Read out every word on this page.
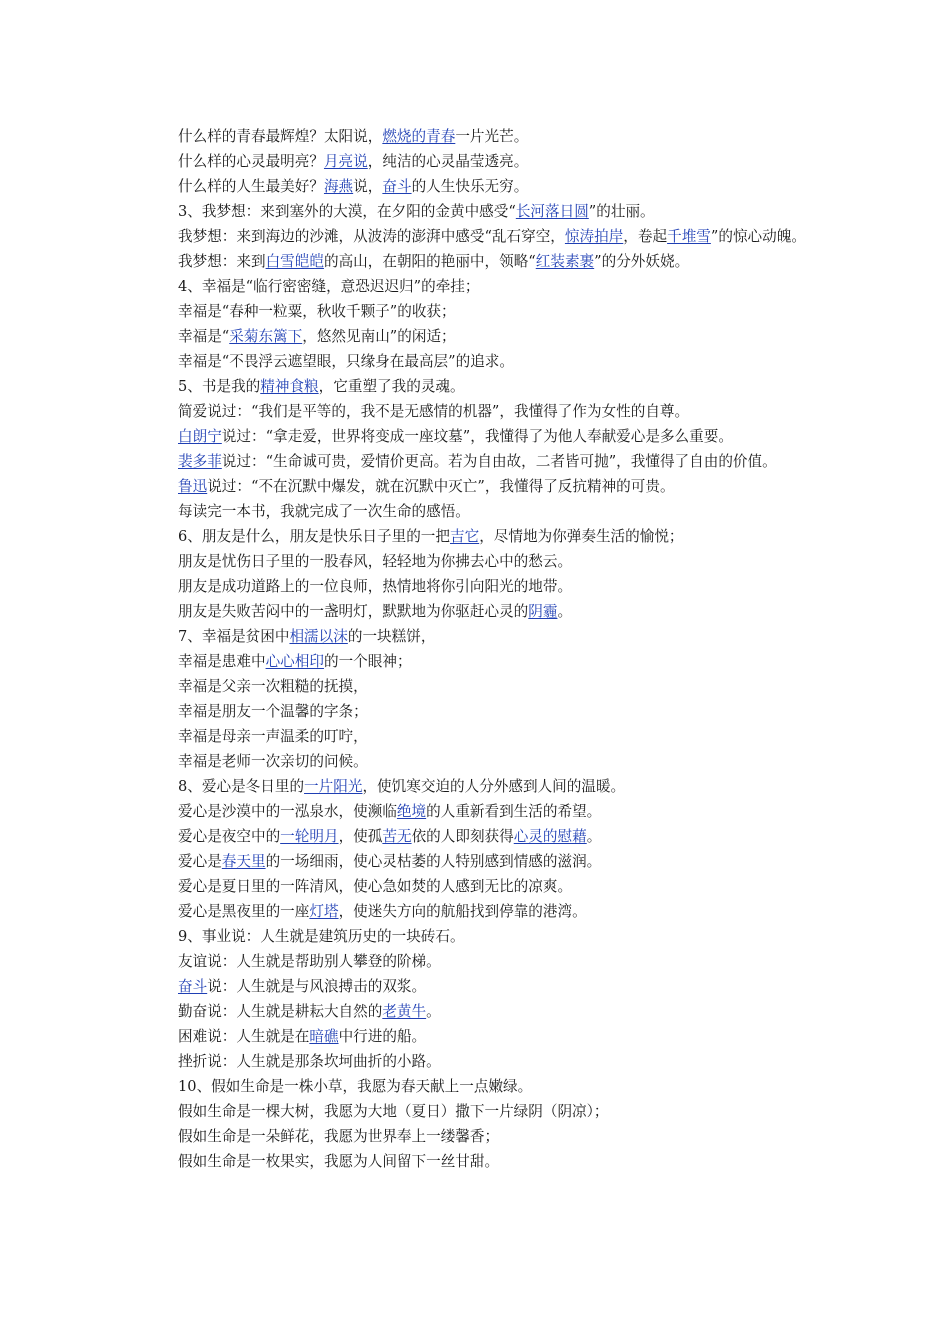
什么样的青春最辉煌？太阳说，燃烧的青春一片光芒。

什么样的心灵最明亮？月亮说，纯洁的心灵晶莹透亮。

什么样的人生最美好？海燕说，奋斗的人生快乐无穷。

3、我梦想：来到塞外的大漠，在夕阳的金黄中感受“长河落日圆”的壮丽。

我梦想：来到海边的沙滩，从波涛的澎湃中感受“乱石穿空，惊涛拍岸，卷起千堆雪”的惊心动魄。

我梦想：来到白雪皑皑的高山，在朝阳的艳丽中，领略“红装素裹”的分外妖娆。

4、幸福是“临行密密缝，意恐迟迟归”的牵挂；

幸福是“春种一粒粟，秋收千颗子”的收获；

幸福是“采菊东篱下，悠然见南山”的闲适；

幸福是“不畏浮云遮望眼，只缘身在最高层”的追求。

5、书是我的精神食粮，它重塑了我的灵魂。

简爱说过：“我们是平等的，我不是无感情的机器”，我懂得了作为女性的自尊。

白朗宁说过：“拿走爱，世界将变成一座坟墓”，我懂得了为他人奉献爱心是多么重要。

裴多菲说过：“生命诚可贵，爱情价更高。若为自由故，二者皆可抛”，我懂得了自由的价值。

鲁迅说过：“不在沉默中爆发，就在沉默中灭亡”，我懂得了反抗精神的可贵。

每读完一本书，我就完成了一次生命的感悟。

6、朋友是什么，朋友是快乐日子里的一把吉它，尽情地为你弹奏生活的愉悦；

朋友是忧伤日子里的一股春风，轻轻地为你拂去心中的愁云。

朋友是成功道路上的一位良师，热情地将你引向阳光的地带。

朋友是失败苦闷中的一盏明灯，默默地为你驱赶心灵的阴霾。

7、幸福是贫困中相濡以沫的一块糕饼，

幸福是患难中心心相印的一个眼神；

幸福是父亲一次粗糙的抚摸，

幸福是朋友一个温馨的字条；

幸福是母亲一声温柔的叮咛，

幸福是老师一次亲切的问候。

8、爱心是冬日里的一片阳光，使饥寒交迫的人分外感到人间的温暖。

爱心是沙漠中的一泓泉水，使濒临绝境的人重新看到生活的希望。

爱心是夜空中的一轮明月，使孤苦无依的人即刻获得心灵的慰藉。

爱心是春天里的一场细雨，使心灵枯萎的人特别感到情感的滋润。

爱心是夏日里的一阵清风，使心急如焚的人感到无比的凉爽。

爱心是黑夜里的一座灯塔，使迷失方向的航船找到停靠的港湾。

9、事业说：人生就是建筑历史的一块砖石。

友谊说：人生就是帮助别人攀登的阶梯。

奋斗说：人生就是与风浪搏击的双浆。

勤奋说：人生就是耕耘大自然的老黄牛。

困难说：人生就是在暗礁中行进的船。

挫折说：人生就是那条坎坷曲折的小路。

10、假如生命是一株小草，我愿为春天献上一点嫩绿。

假如生命是一棵大树，我愿为大地（夏日）撒下一片绿阴（阴凉）；

假如生命是一朵鲜花，我愿为世界奉上一缕馨香；

假如生命是一枚果实，我愿为人间留下一丝甘甜。
